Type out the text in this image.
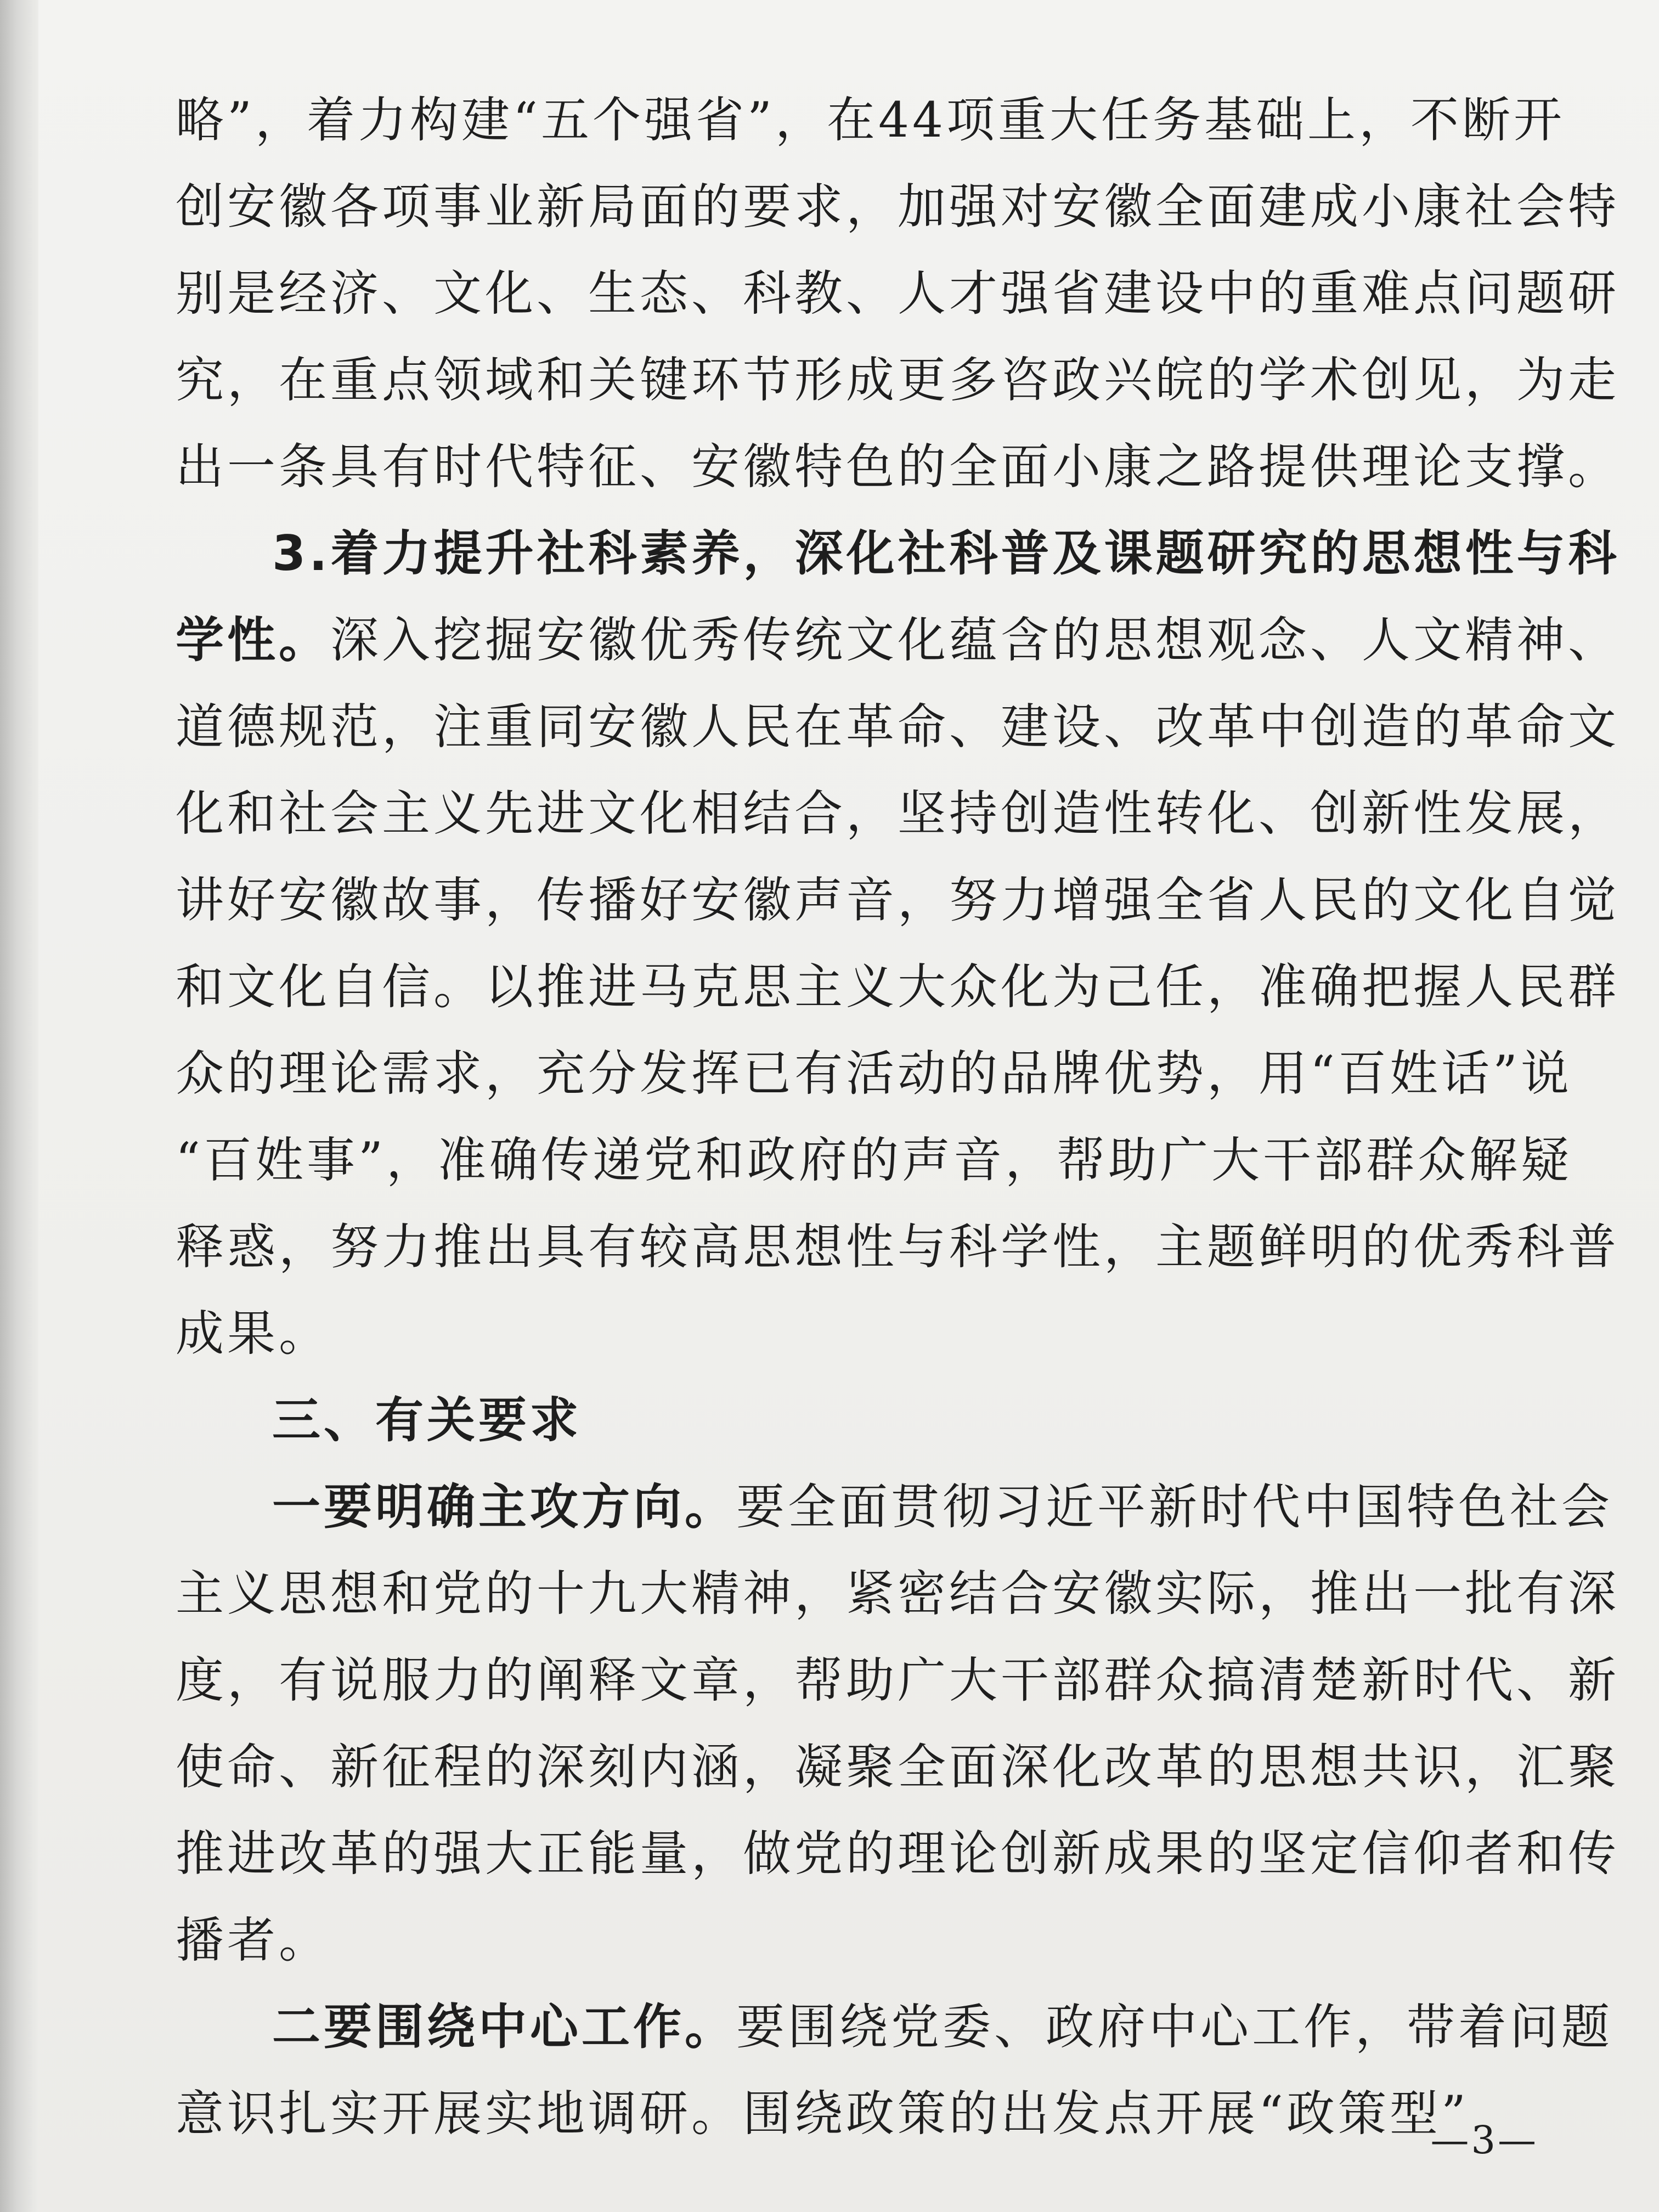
略”，着力构建“五个强省”，在44项重大任务基础上，不断开
创安徽各项事业新局面的要求，加强对安徽全面建成小康社会特
别是经济、文化、生态、科教、人才强省建设中的重难点问题研
究，在重点领域和关键环节形成更多咨政兴皖的学术创见，为走
出一条具有时代特征、安徽特色的全面小康之路提供理论支撑。
3.着力提升社科素养，深化社科普及课题研究的思想性与科
学性。深入挖掘安徽优秀传统文化蕴含的思想观念、人文精神、
道德规范，注重同安徽人民在革命、建设、改革中创造的革命文
化和社会主义先进文化相结合，坚持创造性转化、创新性发展，
讲好安徽故事，传播好安徽声音，努力增强全省人民的文化自觉
和文化自信。以推进马克思主义大众化为己任，准确把握人民群
众的理论需求，充分发挥已有活动的品牌优势，用“百姓话”说
“百姓事”，准确传递党和政府的声音，帮助广大干部群众解疑
释惑，努力推出具有较高思想性与科学性，主题鲜明的优秀科普
成果。
三、有关要求
一要明确主攻方向。要全面贯彻习近平新时代中国特色社会
主义思想和党的十九大精神，紧密结合安徽实际，推出一批有深
度，有说服力的阐释文章，帮助广大干部群众搞清楚新时代、新
使命、新征程的深刻内涵，凝聚全面深化改革的思想共识，汇聚
推进改革的强大正能量，做党的理论创新成果的坚定信仰者和传
播者。
二要围绕中心工作。要围绕党委、政府中心工作，带着问题
意识扎实开展实地调研。围绕政策的出发点开展“政策型”
—3—
